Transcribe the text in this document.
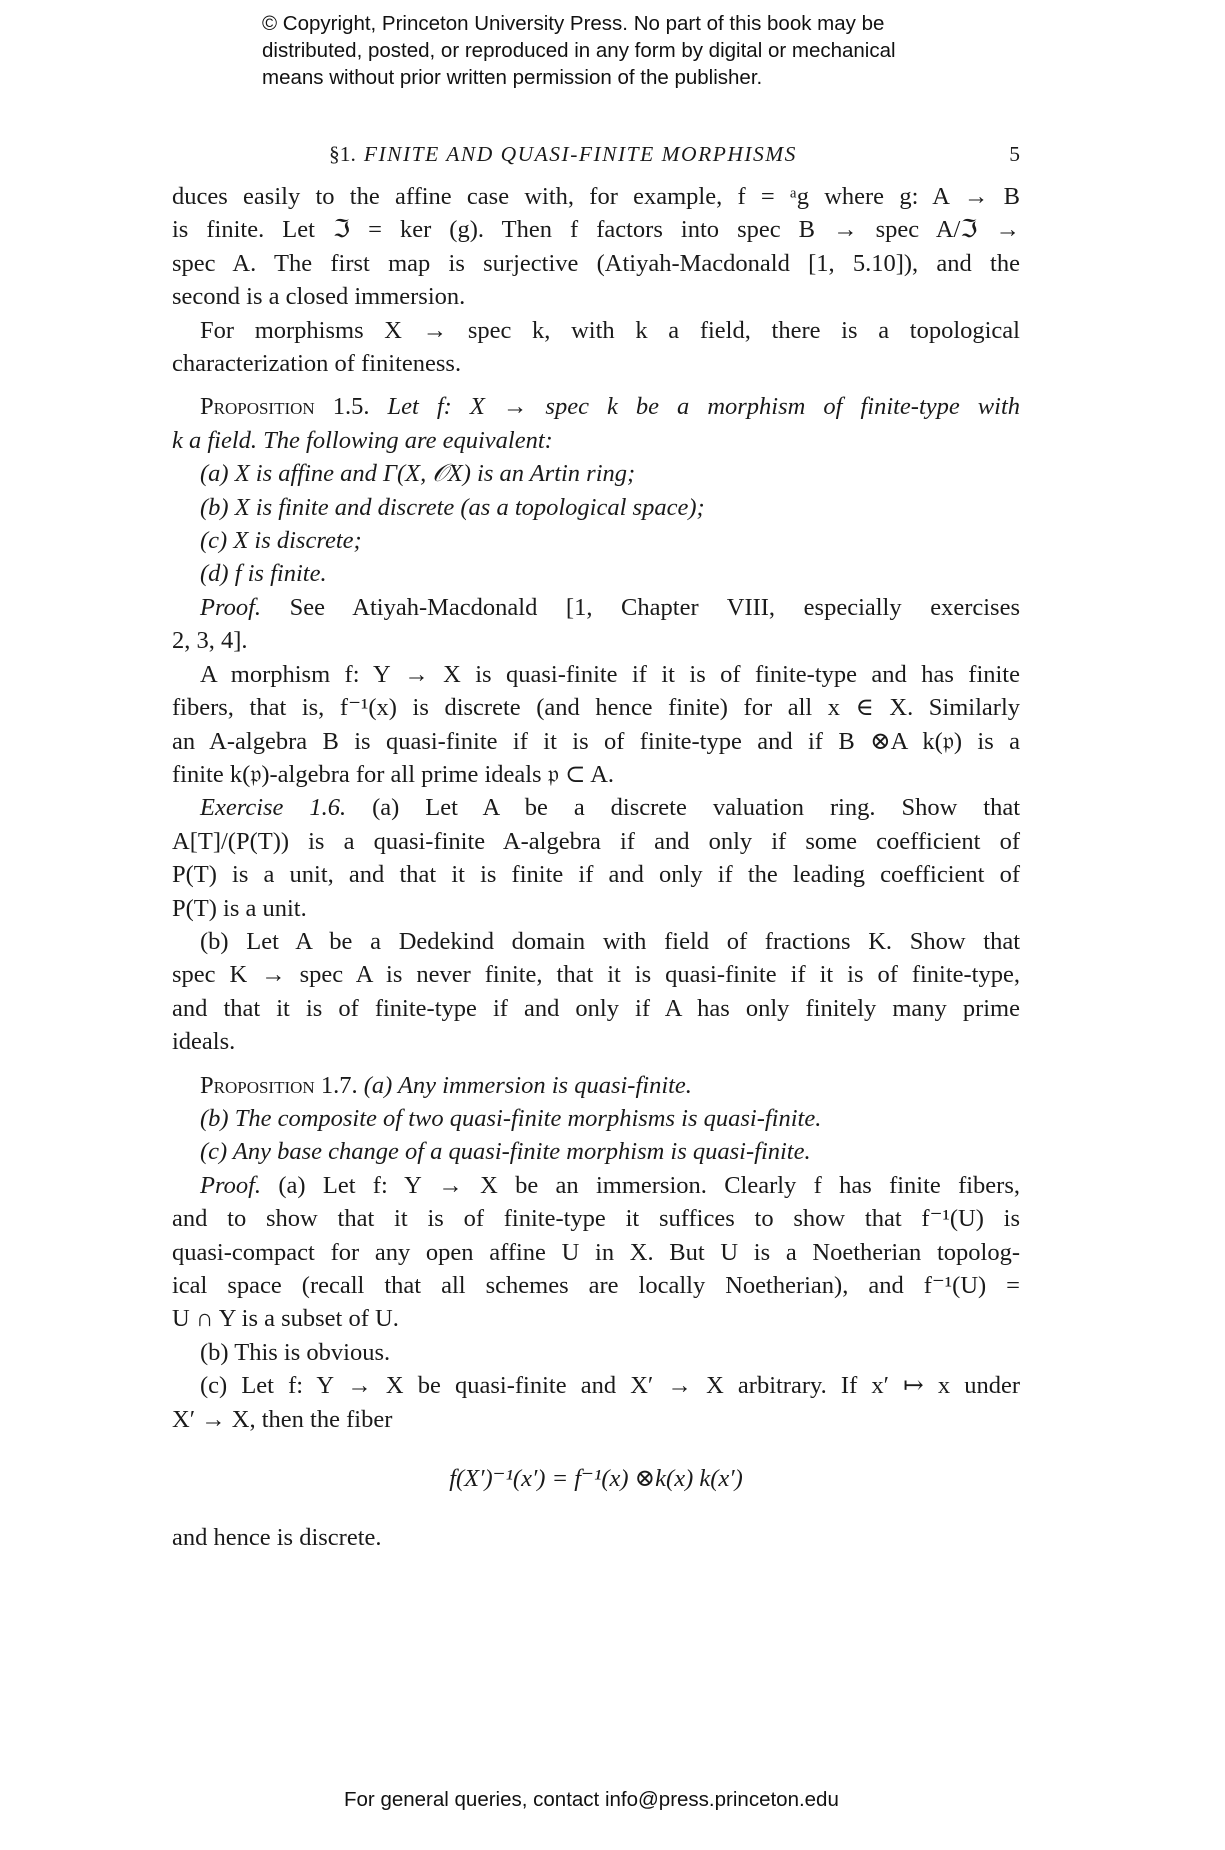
© Copyright, Princeton University Press. No part of this book may be
distributed, posted, or reproduced in any form by digital or mechanical
means without prior written permission of the publisher.
§1. FINITE AND QUASI-FINITE MORPHISMS	5
duces easily to the affine case with, for example, f = ᵃg where g: A → B
is finite. Let ℑ = ker (g). Then f factors into spec B → spec A/ℑ →
spec A. The first map is surjective (Atiyah-Macdonald [1, 5.10]), and the
second is a closed immersion.
For morphisms X → spec k, with k a field, there is a topological
characterization of finiteness.
Proposition 1.5. Let f: X → spec k be a morphism of finite-type with
k a field. The following are equivalent:
(a) X is affine and Γ(X, 𝒪X) is an Artin ring;
(b) X is finite and discrete (as a topological space);
(c) X is discrete;
(d) f is finite.
Proof. See Atiyah-Macdonald [1, Chapter VIII, especially exercises
2, 3, 4].
A morphism f: Y → X is quasi-finite if it is of finite-type and has finite
fibers, that is, f⁻¹(x) is discrete (and hence finite) for all x ∈ X. Similarly
an A-algebra B is quasi-finite if it is of finite-type and if B ⊗A k(𝔭) is a
finite k(𝔭)-algebra for all prime ideals 𝔭 ⊂ A.
Exercise 1.6. (a) Let A be a discrete valuation ring. Show that
A[T]/(P(T)) is a quasi-finite A-algebra if and only if some coefficient of
P(T) is a unit, and that it is finite if and only if the leading coefficient of
P(T) is a unit.
(b) Let A be a Dedekind domain with field of fractions K. Show that
spec K → spec A is never finite, that it is quasi-finite if it is of finite-type,
and that it is of finite-type if and only if A has only finitely many prime
ideals.
Proposition 1.7. (a) Any immersion is quasi-finite.
(b) The composite of two quasi-finite morphisms is quasi-finite.
(c) Any base change of a quasi-finite morphism is quasi-finite.
Proof. (a) Let f: Y → X be an immersion. Clearly f has finite fibers,
and to show that it is of finite-type it suffices to show that f⁻¹(U) is
quasi-compact for any open affine U in X. But U is a Noetherian topolog-
ical space (recall that all schemes are locally Noetherian), and f⁻¹(U) =
U ∩ Y is a subset of U.
(b) This is obvious.
(c) Let f: Y → X be quasi-finite and X′ → X arbitrary. If x′ ↦ x under
X′ → X, then the fiber
f(X′)⁻¹(x′) = f⁻¹(x) ⊗k(x) k(x′)
and hence is discrete.
For general queries, contact info@press.princeton.edu
